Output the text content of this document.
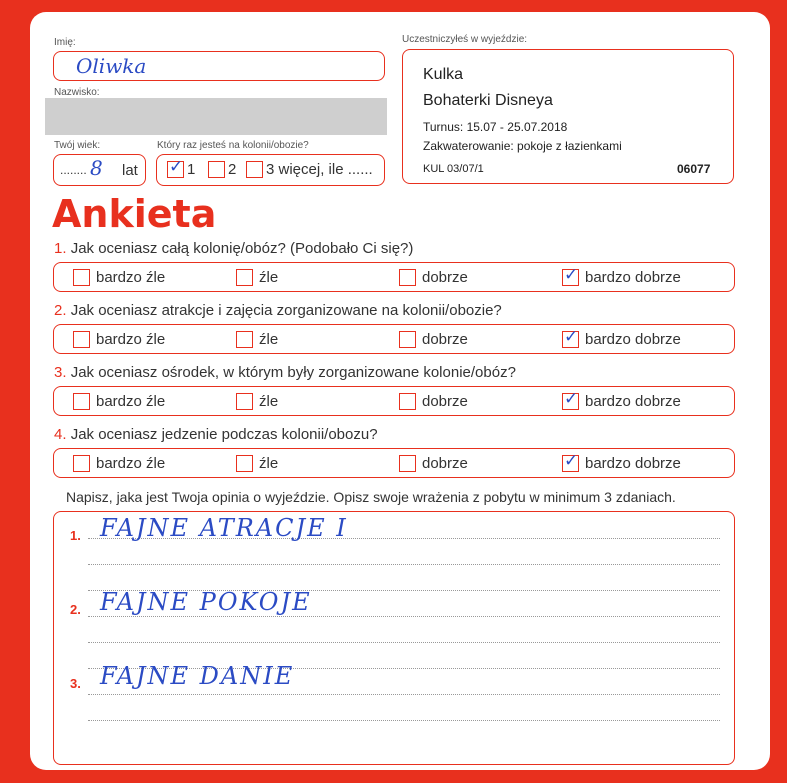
Imię:
Oliwka
Nazwisko:
Twój wiek:
........ 8 lat
Który raz jesteś na kolonii/obozie?
✓ 1	2	3 więcej, ile ......
Uczestniczyłeś w wyjeździe:
Kulka
Bohaterki Disneya
Turnus: 15.07 - 25.07.2018
Zakwaterowanie: pokoje z łazienkami
KUL 03/07/1	06077
Ankieta
1. Jak oceniasz całą kolonię/obóz? (Podobało Ci się?)
bardzo źle	źle	dobrze	✓ bardzo dobrze
2. Jak oceniasz atrakcje i zajęcia zorganizowane na kolonii/obozie?
bardzo źle	źle	dobrze	✓ bardzo dobrze
3. Jak oceniasz ośrodek, w którym były zorganizowane kolonie/obóz?
bardzo źle	źle	dobrze	✓ bardzo dobrze
4. Jak oceniasz jedzenie podczas kolonii/obozu?
bardzo źle	źle	dobrze	✓ bardzo dobrze
Napisz, jaka jest Twoja opinia o wyjeździe. Opisz swoje wrażenia z pobytu w minimum 3 zdaniach.
1. FAJNE ATRACJE I
2. FAJNE POKOJE
3. FAJNE DANIE
